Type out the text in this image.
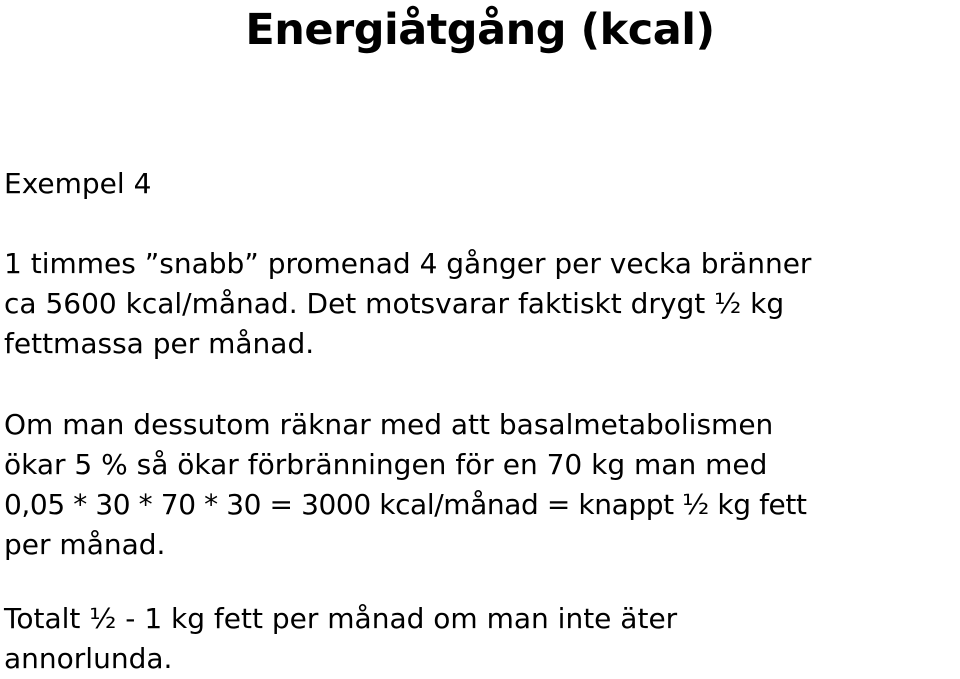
Energiåtgång (kcal)
Exempel 4
1 timmes ”snabb” promenad 4 gånger per vecka bränner
ca 5600 kcal/månad. Det motsvarar faktiskt drygt ½ kg
fettmassa per månad.
Om man dessutom räknar med att basalmetabolismen
ökar 5 % så ökar förbränningen för en 70 kg man med
0,05 * 30 * 70 * 30 = 3000 kcal/månad = knappt ½ kg fett
per månad.
Totalt ½ - 1 kg fett per månad om man inte äter
annorlunda.
